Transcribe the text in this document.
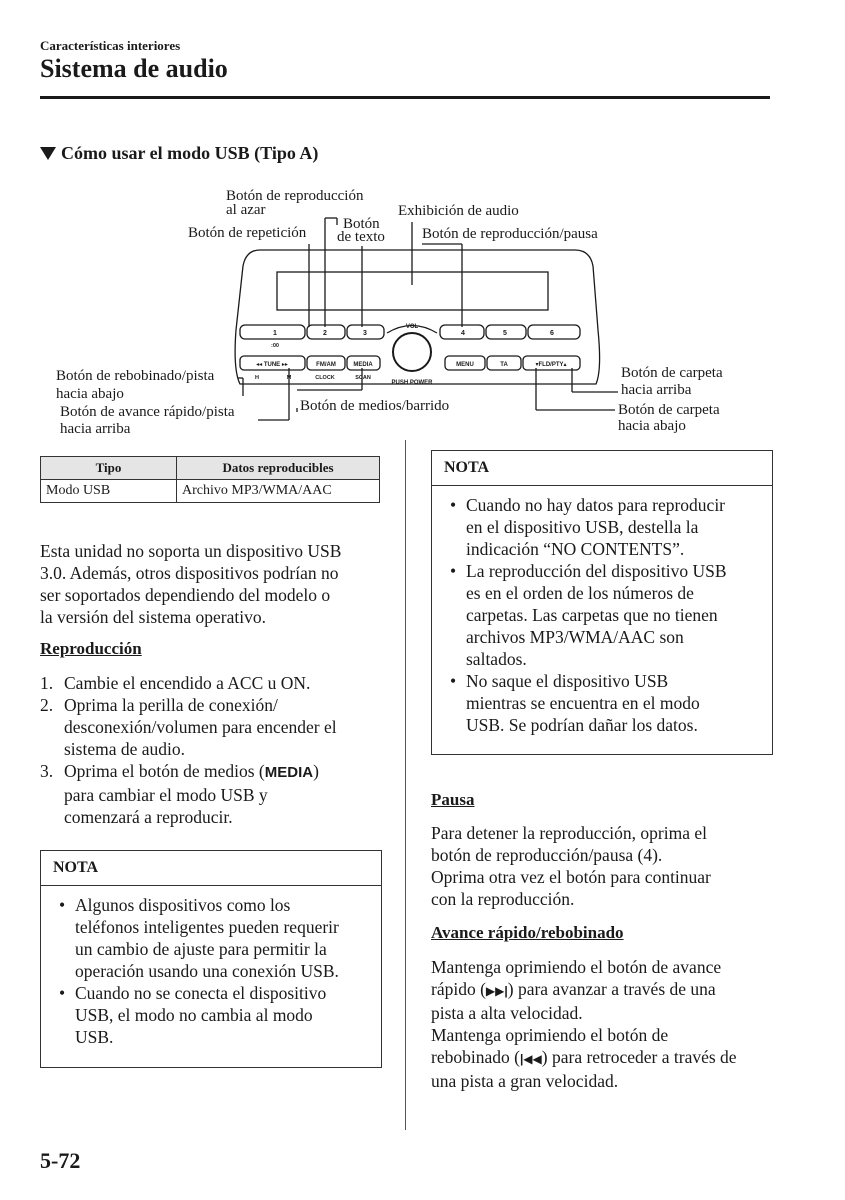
Características interiores
Sistema de audio
Cómo usar el modo USB (Tipo A)
Botón de reproducción
al azar	Exhibición de audio
Botón
Botón de repetición de texto Botón de reproducción/pausa
Botón de rebobinado/pista
hacia abajo
Botón de avance rápido/pista
hacia arriba
Botón de medios/barrido
Botón de carpeta
hacia arriba
Botón de carpeta
hacia abajo
1	2	3	4	5	6
:00
VOL
◂◂ TUNE ▸▸	FM/AM	MEDIA	MENU	TA	▾FLD/PTY▴
H	M	CLOCK	SCAN
PUSH POWER
Tipo	Datos reproducibles
Modo USB	Archivo MP3/WMA/AAC
Esta unidad no soporta un dispositivo USB
3.0. Además, otros dispositivos podrían no
ser soportados dependiendo del modelo o
la versión del sistema operativo.
Reproducción
1. Cambie el encendido a ACC u ON.
2. Oprima la perilla de conexión/
desconexión/volumen para encender el
sistema de audio.
3. Oprima el botón de medios (MEDIA)
para cambiar el modo USB y
comenzará a reproducir.
NOTA
• Algunos dispositivos como los
teléfonos inteligentes pueden requerir
un cambio de ajuste para permitir la
operación usando una conexión USB.
• Cuando no se conecta el dispositivo
USB, el modo no cambia al modo
USB.
NOTA
• Cuando no hay datos para reproducir
en el dispositivo USB, destella la
indicación “NO CONTENTS”.
• La reproducción del dispositivo USB
es en el orden de los números de
carpetas. Las carpetas que no tienen
archivos MP3/WMA/AAC son
saltados.
• No saque el dispositivo USB
mientras se encuentra en el modo
USB. Se podrían dañar los datos.
Pausa
Para detener la reproducción, oprima el
botón de reproducción/pausa (4).
Oprima otra vez el botón para continuar
con la reproducción.
Avance rápido/rebobinado
Mantenga oprimiendo el botón de avance
rápido (▶▶|) para avanzar a través de una
pista a alta velocidad.
Mantenga oprimiendo el botón de
rebobinado (|◀◀) para retroceder a través de
una pista a gran velocidad.
5-72
